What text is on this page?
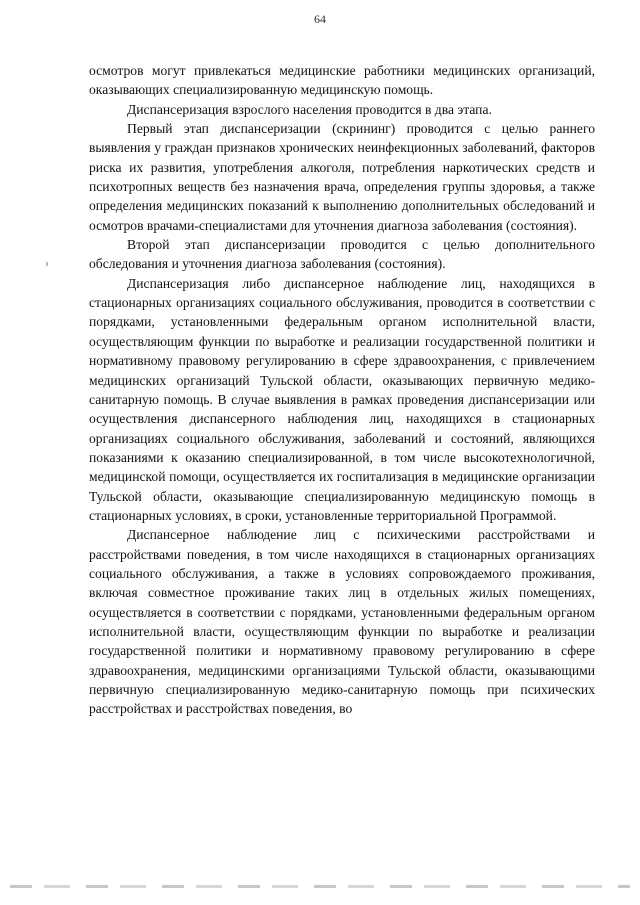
64

осмотров могут привлекаться медицинские работники медицинских организаций, оказывающих специализированную медицинскую помощь.

Диспансеризация взрослого населения проводится в два этапа.

Первый этап диспансеризации (скрининг) проводится с целью раннего выявления у граждан признаков хронических неинфекционных заболеваний, факторов риска их развития, употребления алкоголя, потребления наркотических средств и психотропных веществ без назначения врача, определения группы здоровья, а также определения медицинских показаний к выполнению дополнительных обследований и осмотров врачами-специалистами для уточнения диагноза заболевания (состояния).

Второй этап диспансеризации проводится с целью дополнительного обследования и уточнения диагноза заболевания (состояния).

Диспансеризация либо диспансерное наблюдение лиц, находящихся в стационарных организациях социального обслуживания, проводится в соответствии с порядками, установленными федеральным органом исполнительной власти, осуществляющим функции по выработке и реализации государственной политики и нормативному правовому регулированию в сфере здравоохранения, с привлечением медицинских организаций Тульской области, оказывающих первичную медико-санитарную помощь. В случае выявления в рамках проведения диспансеризации или осуществления диспансерного наблюдения лиц, находящихся в стационарных организациях социального обслуживания, заболеваний и состояний, являющихся показаниями к оказанию специализированной, в том числе высокотехнологичной, медицинской помощи, осуществляется их госпитализация в медицинские организации Тульской области, оказывающие специализированную медицинскую помощь в стационарных условиях, в сроки, установленные территориальной Программой.

Диспансерное наблюдение лиц с психическими расстройствами и расстройствами поведения, в том числе находящихся в стационарных организациях социального обслуживания, а также в условиях сопровождаемого проживания, включая совместное проживание таких лиц в отдельных жилых помещениях, осуществляется в соответствии с порядками, установленными федеральным органом исполнительной власти, осуществляющим функции по выработке и реализации государственной политики и нормативному правовому регулированию в сфере здравоохранения, медицинскими организациями Тульской области, оказывающими первичную специализированную медико-санитарную помощь при психических расстройствах и расстройствах поведения, во
